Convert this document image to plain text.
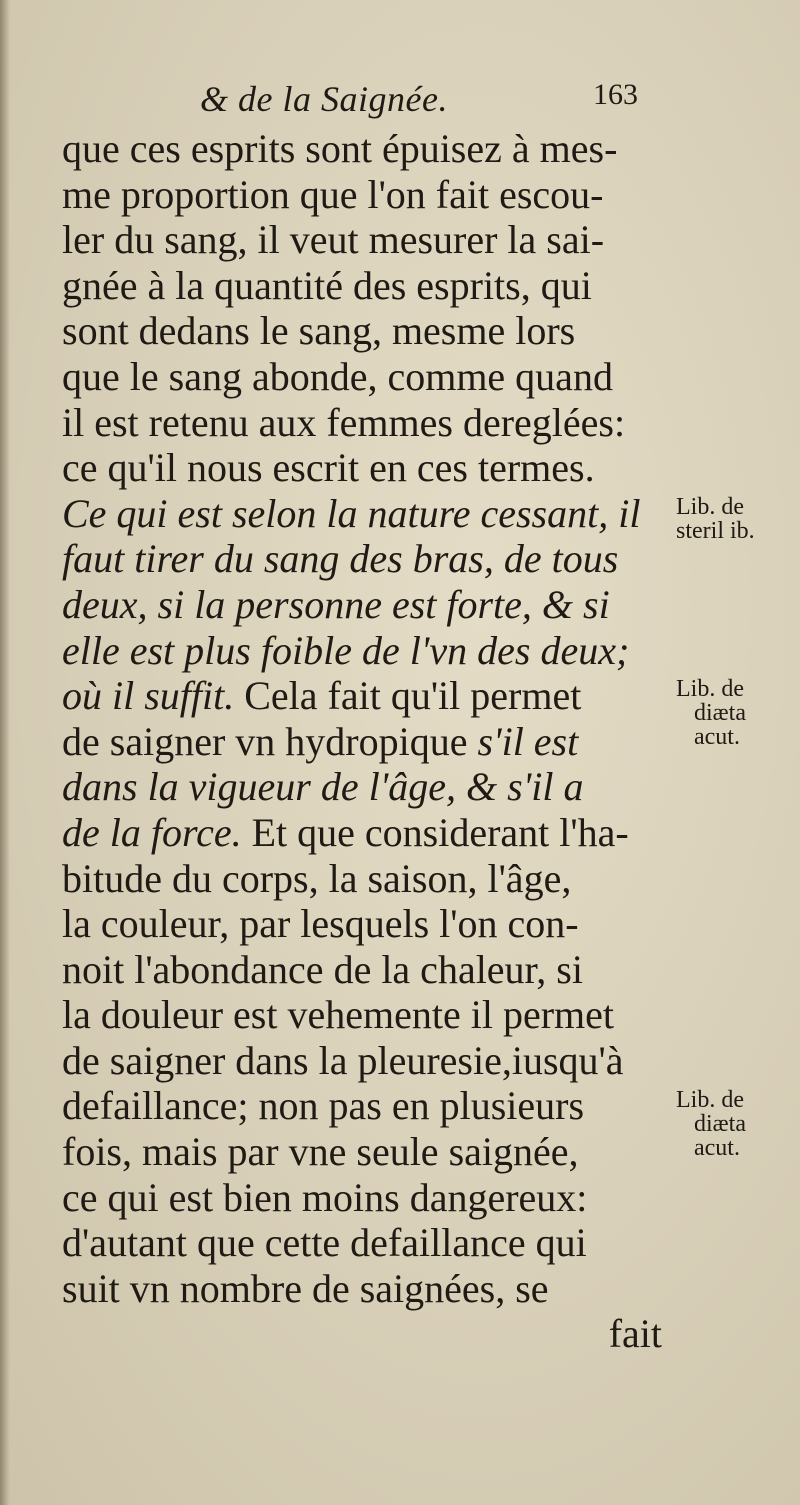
& de la Saignée.	163
que ces esprits sont épuisez à mes-
me proportion que l'on fait escou-
ler du sang, il veut mesurer la sai-
gnée à la quantité des esprits, qui
sont dedans le sang, mesme lors
que le sang abonde, comme quand
il est retenu aux femmes dereglées:
ce qu'il nous escrit en ces termes.
Ce qui est selon la nature cessant, il
faut tirer du sang des bras, de tous
deux, si la personne est forte, & si
elle est plus foible de l'vn des deux;
où il suffit. Cela fait qu'il permet
de saigner vn hydropique s'il est
dans la vigueur de l'âge, & s'il a
de la force. Et que considerant l'ha-
bitude du corps, la saison, l'âge,
la couleur, par lesquels l'on con-
noit l'abondance de la chaleur, si
la douleur est vehemente il permet
de saigner dans la pleuresie,iusqu'à
defaillance; non pas en plusieurs
fois, mais par vne seule saignée,
ce qui est bien moins dangereux:
d'autant que cette defaillance qui
suit vn nombre de saignées, se
fait
Lib. de
steril ib.
Lib. de
diæta
acut.
Lib. de
diæta
acut.
